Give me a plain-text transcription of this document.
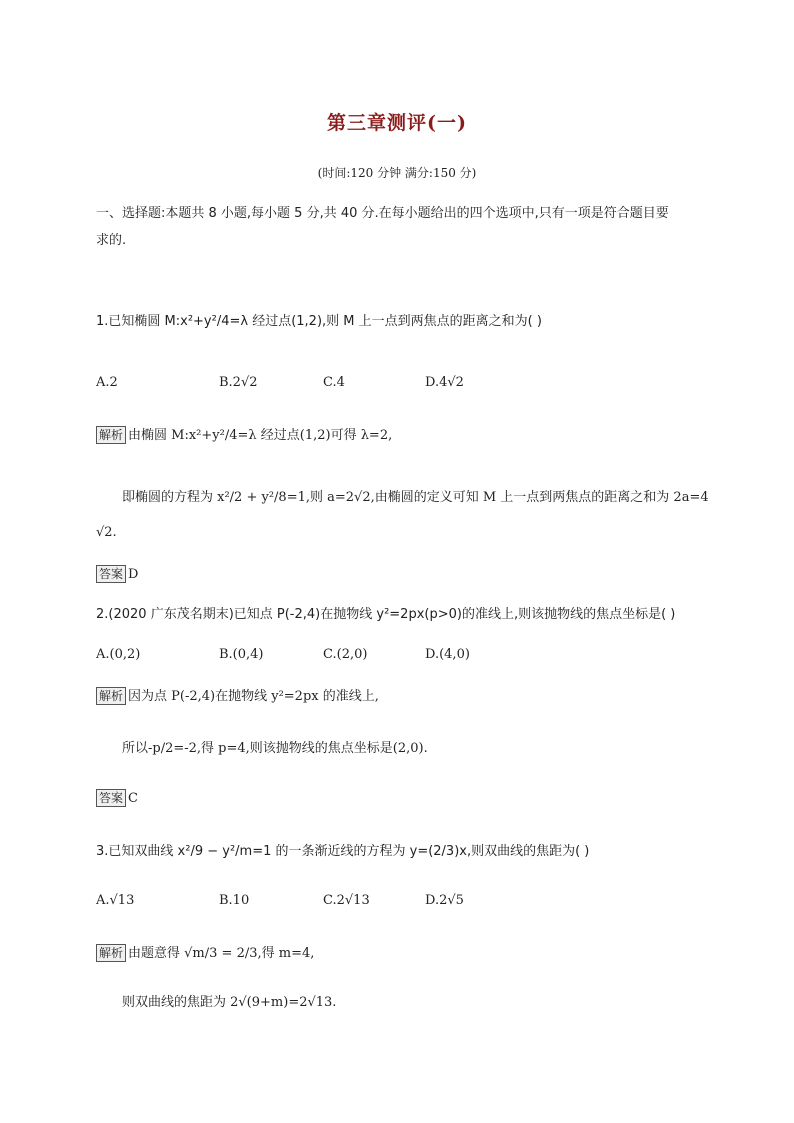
第三章测评(一)
(时间:120 分钟 满分:150 分)
一、选择题:本题共 8 小题,每小题 5 分,共 40 分.在每小题给出的四个选项中,只有一项是符合题目要
求的.
1.已知椭圆 M:x²+y²/4=λ 经过点(1,2),则 M 上一点到两焦点的距离之和为( )
A.2	B.2√2	C.4	D.4√2
解析 由椭圆 M:x²+y²/4=λ 经过点(1,2)可得 λ=2,
即椭圆的方程为 x²/2 + y²/8=1,则 a=2√2,由椭圆的定义可知 M 上一点到两焦点的距离之和为 2a=4
√2.
答案 D
2.(2020 广东茂名期末)已知点 P(-2,4)在抛物线 y²=2px(p>0)的准线上,则该抛物线的焦点坐标是( )
A.(0,2)	B.(0,4)	C.(2,0)	D.(4,0)
解析 因为点 P(-2,4)在抛物线 y²=2px 的准线上,
所以-p/2=-2,得 p=4,则该抛物线的焦点坐标是(2,0).
答案 C
3.已知双曲线 x²/9 − y²/m=1 的一条渐近线的方程为 y=(2/3)x,则双曲线的焦距为( )
A.√13	B.10	C.2√13	D.2√5
解析 由题意得 √m/3 = 2/3,得 m=4,
则双曲线的焦距为 2√(9+m)=2√13.
